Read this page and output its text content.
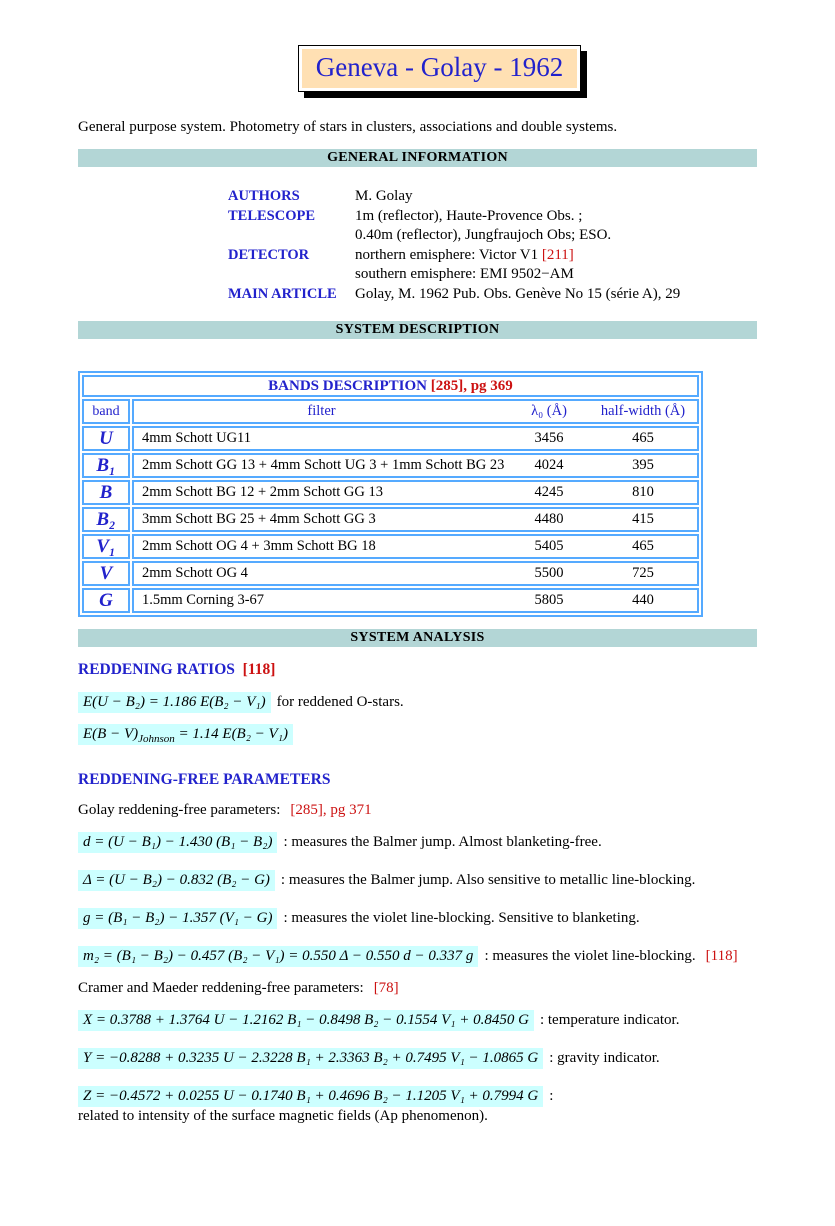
Geneva - Golay - 1962

General purpose system. Photometry of stars in clusters, associations and double systems.

GENERAL INFORMATION
AUTHORS	M. Golay
TELESCOPE	1m (reflector), Haute-Provence Obs. ;
0.40m (reflector), Jungfraujoch Obs; ESO.
DETECTOR	northern emisphere: Victor V1 [211]
southern emisphere: EMI 9502−AM
MAIN ARTICLE	Golay, M. 1962 Pub. Obs. Genève No 15 (série A), 29
SYSTEM DESCRIPTION
BANDS DESCRIPTION [285], pg 369	
band	filter λ₀ (Å) half-width (Å)

U	4mm Schott UG11 3456 465

B₁	2mm Schott GG 13 + 4mm Schott UG 3 + 1mm Schott BG 23 4024 395

B	2mm Schott BG 12 + 2mm Schott GG 13 4245 810

B₂	3mm Schott BG 25 + 4mm Schott GG 3 4480 415

V₁	2mm Schott OG 4 + 3mm Schott BG 18 5405 465

V	2mm Schott OG 4 5500 725

G	1.5mm Corning 3-67 5805 440
SYSTEM ANALYSIS
REDDENING RATIOS [118]
E(U − B₂) = 1.186 E(B₂ − V₁) for reddened O-stars.
$E(B - V)_{Johnson} = 1.14$ E(B₂ − V₁)
REDDENING-FREE PARAMETERS

Golay reddening-free parameters: [285], pg 371

d = (U − B₁) − 1.430 (B₁ − B₂) : measures the Balmer jump. Almost blanketing-free.
Δ = (U − B₂) − 0.832 (B₂ − G) : measures the Balmer jump. Also sensitive to metallic line-blocking.
g = (B₁ − B₂) − 1.357 (V₁ − G) : measures the violet line-blocking. Sensitive to blanketing.
m₂ = (B₁ − B₂) − 0.457 (B₂ − V₁) = 0.550 Δ − 0.550 d − 0.337 g : measures the violet line-blocking. [118]

Cramer and Maeder reddening-free parameters: [78]

X = 0.3788 + 1.3764 U − 1.2162 B₁ − 0.8498 B₂ − 0.1554 V₁ + 0.8450 G : temperature indicator.
Y = −0.8288 + 0.3235 U − 2.3228 B₁ + 2.3363 B₂ + 0.7495 V₁ − 1.0865 G : gravity indicator.
Z = −0.4572 + 0.0255 U − 0.1740 B₁ + 0.4696 B₂ − 1.1205 V₁ + 0.7994 G :
related to intensity of the surface magnetic fields (Ap phenomenon).
